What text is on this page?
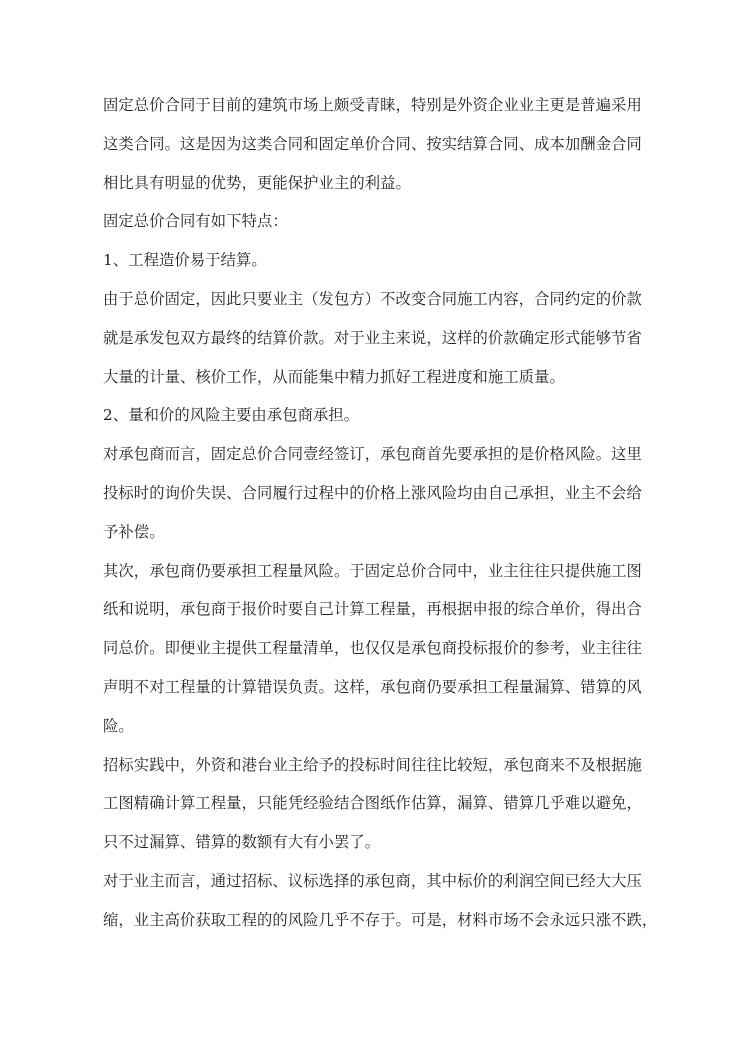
固定总价合同于目前的建筑市场上颇受青睐，特别是外资企业业主更是普遍采用
这类合同。这是因为这类合同和固定单价合同、按实结算合同、成本加酬金合同
相比具有明显的优势，更能保护业主的利益。
固定总价合同有如下特点：
1、工程造价易于结算。
由于总价固定，因此只要业主（发包方）不改变合同施工内容，合同约定的价款
就是承发包双方最终的结算价款。对于业主来说，这样的价款确定形式能够节省
大量的计量、核价工作，从而能集中精力抓好工程进度和施工质量。
2、量和价的风险主要由承包商承担。
对承包商而言，固定总价合同壹经签订，承包商首先要承担的是价格风险。这里
投标时的询价失误、合同履行过程中的价格上涨风险均由自己承担，业主不会给
予补偿。
其次，承包商仍要承担工程量风险。于固定总价合同中，业主往往只提供施工图
纸和说明，承包商于报价时要自己计算工程量，再根据申报的综合单价，得出合
同总价。即便业主提供工程量清单，也仅仅是承包商投标报价的参考，业主往往
声明不对工程量的计算错误负责。这样，承包商仍要承担工程量漏算、错算的风
险。
招标实践中，外资和港台业主给予的投标时间往往比较短，承包商来不及根据施
工图精确计算工程量，只能凭经验结合图纸作估算，漏算、错算几乎难以避免，
只不过漏算、错算的数额有大有小罢了。
对于业主而言，通过招标、议标选择的承包商，其中标价的利润空间已经大大压
缩，业主高价获取工程的的风险几乎不存于。可是，材料市场不会永远只涨不跌，
